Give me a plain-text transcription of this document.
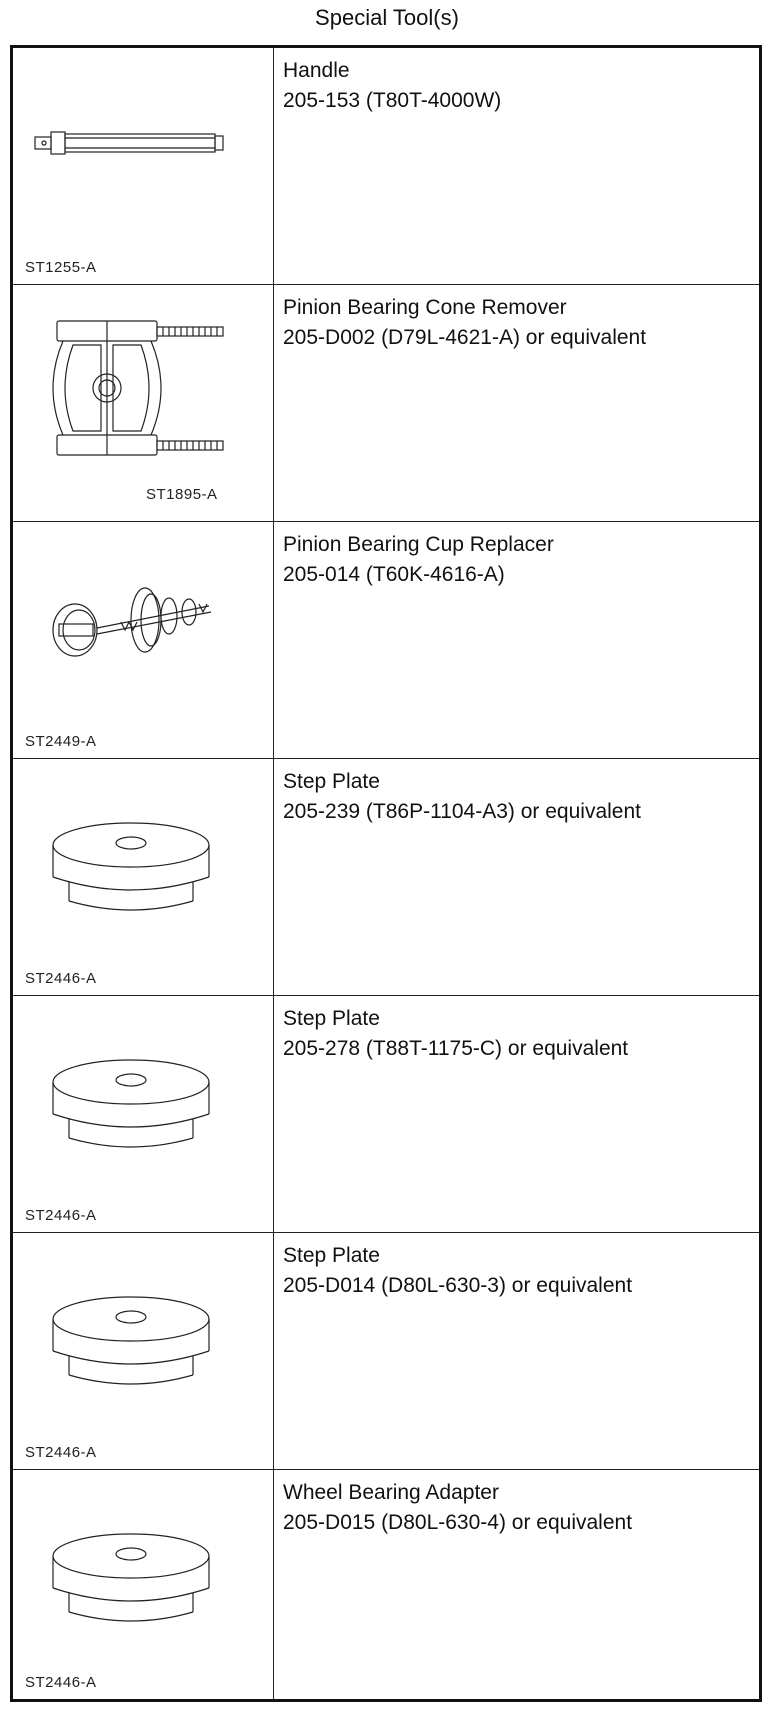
Special Tool(s)
ST1255-A
Handle
205-153 (T80T-4000W)
ST1895-A
Pinion Bearing Cone Remover
205-D002 (D79L-4621-A) or equivalent
ST2449-A
Pinion Bearing Cup Replacer
205-014 (T60K-4616-A)
ST2446-A
Step Plate
205-239 (T86P-1104-A3) or equivalent
ST2446-A
Step Plate
205-278 (T88T-1175-C) or equivalent
ST2446-A
Step Plate
205-D014 (D80L-630-3) or equivalent
ST2446-A
Wheel Bearing Adapter
205-D015 (D80L-630-4) or equivalent
